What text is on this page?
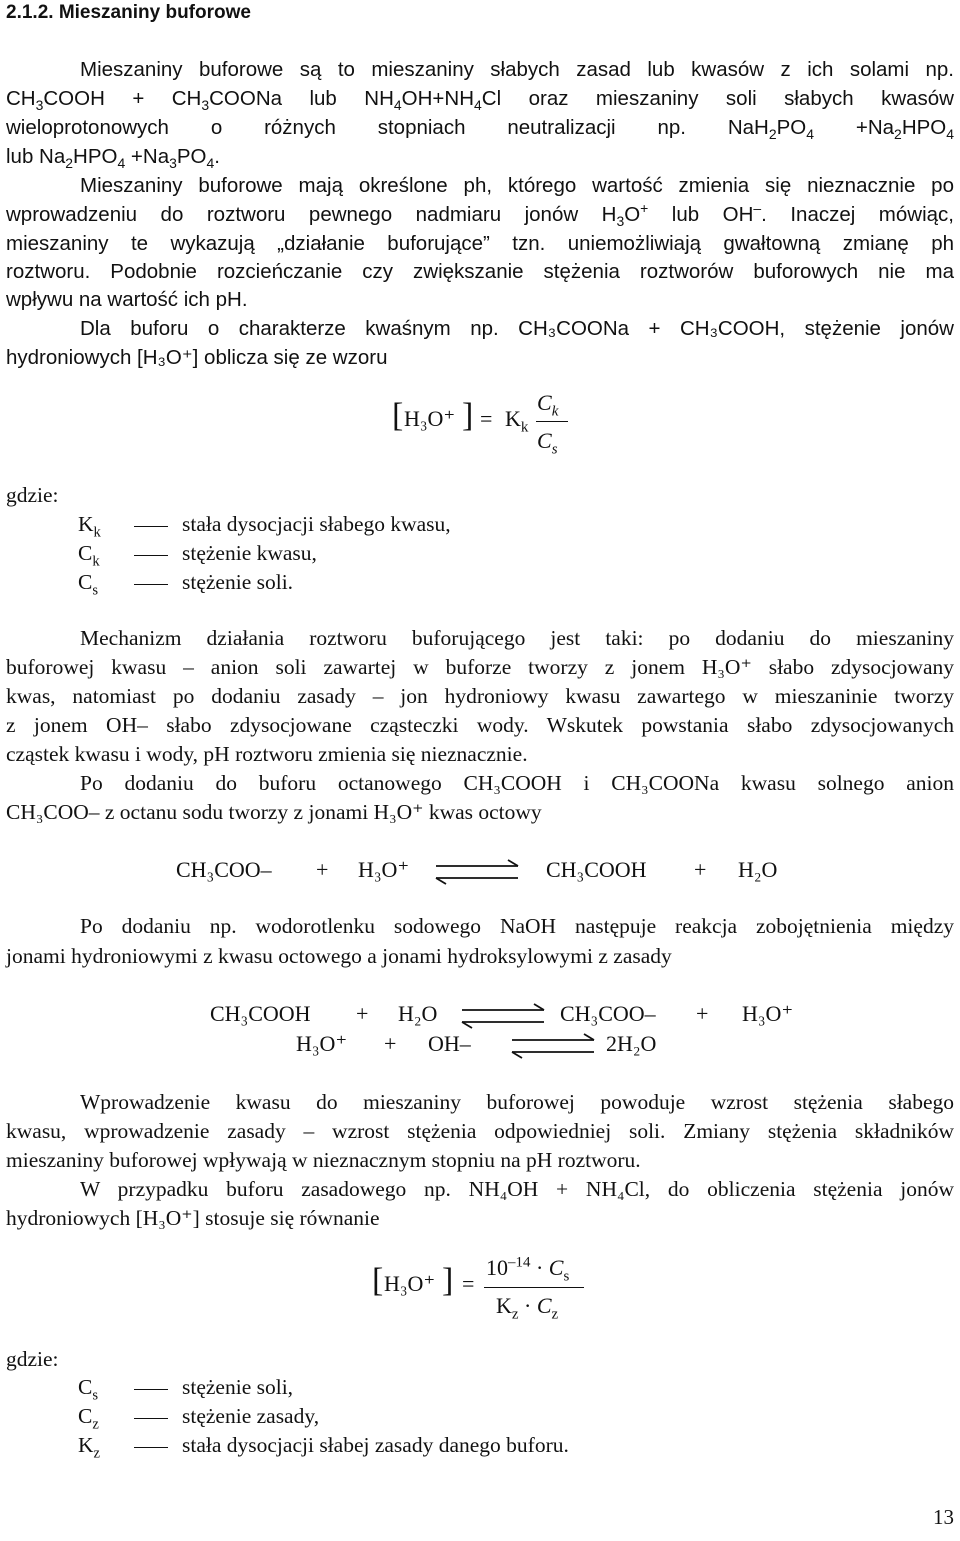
2.1.2. Mieszaniny buforowe
Mieszaniny buforowe są to mieszaniny słabych zasad lub kwasów z ich solami np.
$CH_3COOH$ + $CH_3COONa$ lub $NH_4OH+NH_4Cl$ oraz mieszaniny soli słabych kwasów
wieloprotonowych o różnych stopniach neutralizacji np. $NaH_2PO_4 +Na_2HPO_4$
lub $Na_2HPO_4 +Na_3PO_4$.
Mieszaniny buforowe mają określone ph, którego wartość zmienia się nieznacznie po
wprowadzeniu do roztworu pewnego nadmiaru jonów $H_3O^+$ lub OH–. Inaczej mówiąc,
mieszaniny te wykazują „działanie buforujące” tzn. uniemożliwiają gwałtowną zmianę ph
roztworu. Podobnie rozcieńczanie czy zwiększanie stężenia roztworów buforowych nie ma
wpływu na wartość ich pH.
Dla buforu o charakterze kwaśnym np. CH₃COONa + CH₃COOH, stężenie jonów
hydroniowych [H₃O⁺] oblicza się ze wzoru
[ H₃O⁺ ] = $K_k$
$C_k$
$C_s$
gdzie:
$K_k$	stała dysocjacji słabego kwasu,
$C_k$	stężenie kwasu,
$C_s$	stężenie soli.
Mechanizm działania roztworu buforującego jest taki: po dodaniu do mieszaniny
buforowej kwasu – anion soli zawartej w buforze tworzy z jonem H₃O⁺ słabo zdysocjowany
kwas, natomiast po dodaniu zasady – jon hydroniowy kwasu zawartego w mieszaninie tworzy
z jonem OH– słabo zdysocjowane cząsteczki wody. Wskutek powstania słabo zdysocjowanych
cząstek kwasu i wody, pH roztworu zmienia się nieznacznie.
Po dodaniu do buforu octanowego CH₃COOH i CH₃COONa kwasu solnego anion
CH₃COO– z octanu sodu tworzy z jonami H₃O⁺ kwas octowy
CH₃COO– + H₃O⁺	CH₃COOH + H₂O
Po dodaniu np. wodorotlenku sodowego NaOH następuje reakcja zobojętnienia między
jonami hydroniowymi z kwasu octowego a jonami hydroksylowymi z zasady
CH₃COOH + H₂O	CH₃COO– + H₃O⁺
H₃O⁺ + OH–	2H₂O
Wprowadzenie kwasu do mieszaniny buforowej powoduje wzrost stężenia słabego
kwasu, wprowadzenie zasady – wzrost stężenia odpowiedniej soli. Zmiany stężenia składników
mieszaniny buforowej wpływają w nieznacznym stopniu na pH roztworu.
W przypadku buforu zasadowego np. NH₄OH + NH₄Cl, do obliczenia stężenia jonów
hydroniowych [H₃O⁺] stosuje się równanie
[ H₃O⁺ ] =
$10^{-14} \cdot C_s$
$K_z \cdot C_z$
gdzie:
$C_s$	stężenie soli,
$C_z$	stężenie zasady,
$K_z$	stała dysocjacji słabej zasady danego buforu.
13
